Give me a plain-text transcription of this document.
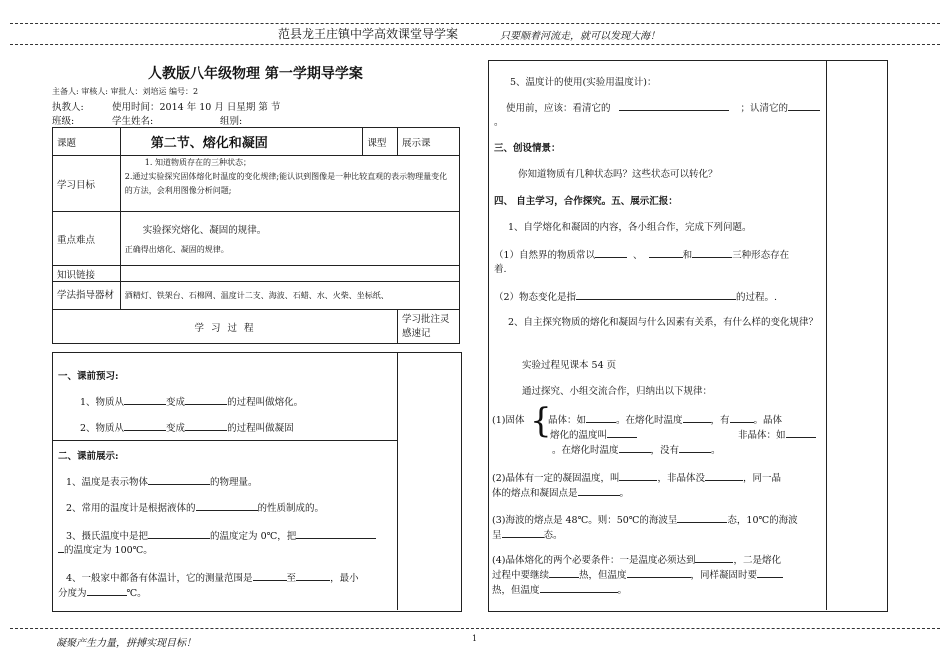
范县龙王庄镇中学高效课堂导学案	只要顺着河流走，就可以发现大海！
人教版八年级物理 第一学期导学案
主备人: 审核人: 审批人：刘培运 编号：2
执教人:	使用时间：2014 年 10 月 日星期 第 节
班级:	学生姓名:	组别:
课题	第二节、熔化和凝固	课型	展示课
学习目标	1. 知道物质存在的三种状态；
2.通过实验探究固体熔化时温度的变化规律;能认识到图像是一种比较直观的表示物理量变化的方法，会利用图像分析问题;		

重点难点	实验探究熔化、凝固的规律。
正确得出熔化、凝固的规律。		

知识链接			
学法指导器材	酒精灯、铁架台、石棉网、温度计二支、海波、石蜡、水、火柴、坐标纸、		
学 习 过 程			学习批注灵感速记
一、课前预习:
1、物质从	变成	的过程叫做熔化。
2、物质从	变成	的过程叫做凝固
二、课前展示:
1、温度是表示物体	的物理量。
2、常用的温度计是根据液体的	的性质制成的。
3、摄氏温度中是把	的温度定为 0℃，把
的温度定为 100℃。
4、一般家中都备有体温计，它的测量范围是	至	，最小
分度为	℃。
5、温度计的使用(实验用温度计)：
使用前，应该：看清它的	；认清它的
。
三、创设情景：
你知道物质有几种状态吗？这些状态可以转化？
四、 自主学习，合作探究。五、展示汇报：
1、自学熔化和凝固的内容，各小组合作，完成下列问题。
（1）自然界的物质常以	、	和	三种形态存在
着.
（2）物态变化是指	的过程。.
2、自主探究物质的熔化和凝固与什么因素有关系，有什么样的变化规律？
实验过程见课本 54 页
通过探究、小组交流合作，归纳出以下规律：
(1)固体 {
晶体：如	。在熔化时温度	，有	。晶体
熔化的温度叫	非晶体：如
。在熔化时温度	，没有	。
(2)晶体有一定的凝固温度，叫	，非晶体没	，同一晶
体的熔点和凝固点是	。
(3)海波的熔点是 48℃。则：50℃的海波呈	态，10℃的海波
呈	态。
(4)晶体熔化的两个必要条件：一是温度必须达到	，二是熔化
过程中要继续	热，但温度	，同样凝固时要
热，但温度	。
凝聚产生力量，拼搏实现目标！	1
